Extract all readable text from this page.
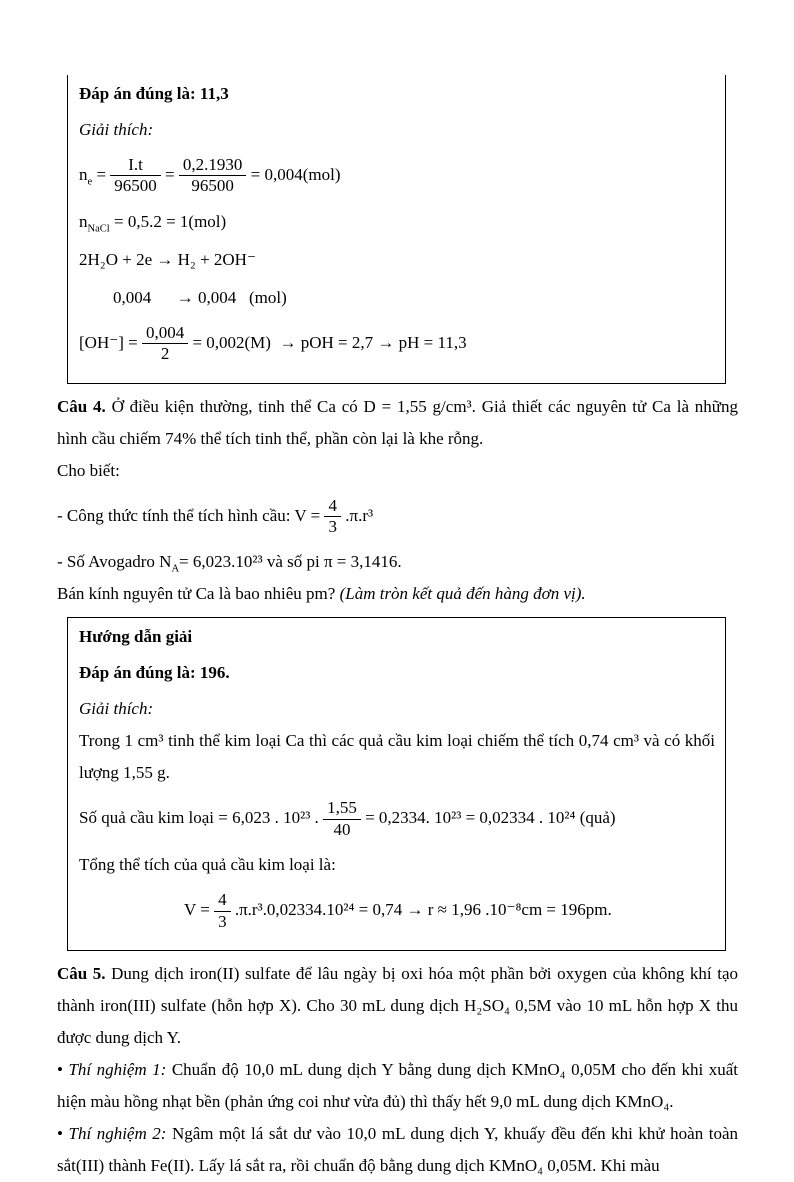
Đáp án đúng là: 11,3
Giải thích:
$n_e = \frac{I.t}{96500} = \frac{0,2.1930}{96500} = 0,004(mol)$
$n_{NaCl} = 0,5.2 = 1(mol)$
2H₂O + 2e → H₂ + 2OH⁻
0,004      → 0,004   (mol)
$[OH^-] = \frac{0,004}{2} = 0,002(M)$  → pOH = 2,7 → pH = 11,3

Câu 4. Ở điều kiện thường, tinh thể Ca có D = 1,55 g/cm³. Giả thiết các nguyên tử Ca là những hình cầu chiếm 74% thể tích tinh thể, phần còn lại là khe rỗng.

Cho biết:

- Công thức tính thể tích hình cầu: $V = \frac{4}{3} .\pi.r^3$

- Số Avogadro $N_A= 6,023.10^{23}$ và số pi π = 3,1416.

Bán kính nguyên tử Ca là bao nhiêu pm? (Làm tròn kết quả đến hàng đơn vị).

Hướng dẫn giải
Đáp án đúng là: 196.
Giải thích:

Trong 1 cm³ tinh thể kim loại Ca thì các quả cầu kim loại chiếm thể tích 0,74 cm³ và có khối lượng 1,55 g.

Số quả cầu kim loại = 6,023 . 10²³ . $\frac{1,55}{40} = 0,2334$. 10²³ = 0,02334 . 10²⁴ (quả)
Tổng thể tích của quả cầu kim loại là:
$V = \frac{4}{3} .\pi.r^3.0,02334.10^{24} = 0,74 \to r \approx 1,96$ .10⁻⁸cm = 196pm.

Câu 5. Dung dịch iron(II) sulfate để lâu ngày bị oxi hóa một phần bởi oxygen của không khí tạo thành iron(III) sulfate (hỗn hợp X). Cho 30 mL dung dịch H₂SO₄ 0,5M vào 10 mL hỗn hợp X thu được dung dịch Y.

• Thí nghiệm 1: Chuẩn độ 10,0 mL dung dịch Y bằng dung dịch KMnO₄ 0,05M cho đến khi xuất hiện màu hồng nhạt bền (phản ứng coi như vừa đủ) thì thấy hết 9,0 mL dung dịch KMnO₄.

• Thí nghiệm 2: Ngâm một lá sắt dư vào 10,0 mL dung dịch Y, khuấy đều đến khi khử hoàn toàn sắt(III) thành Fe(II). Lấy lá sắt ra, rồi chuẩn độ bằng dung dịch KMnO₄ 0,05M. Khi màu
